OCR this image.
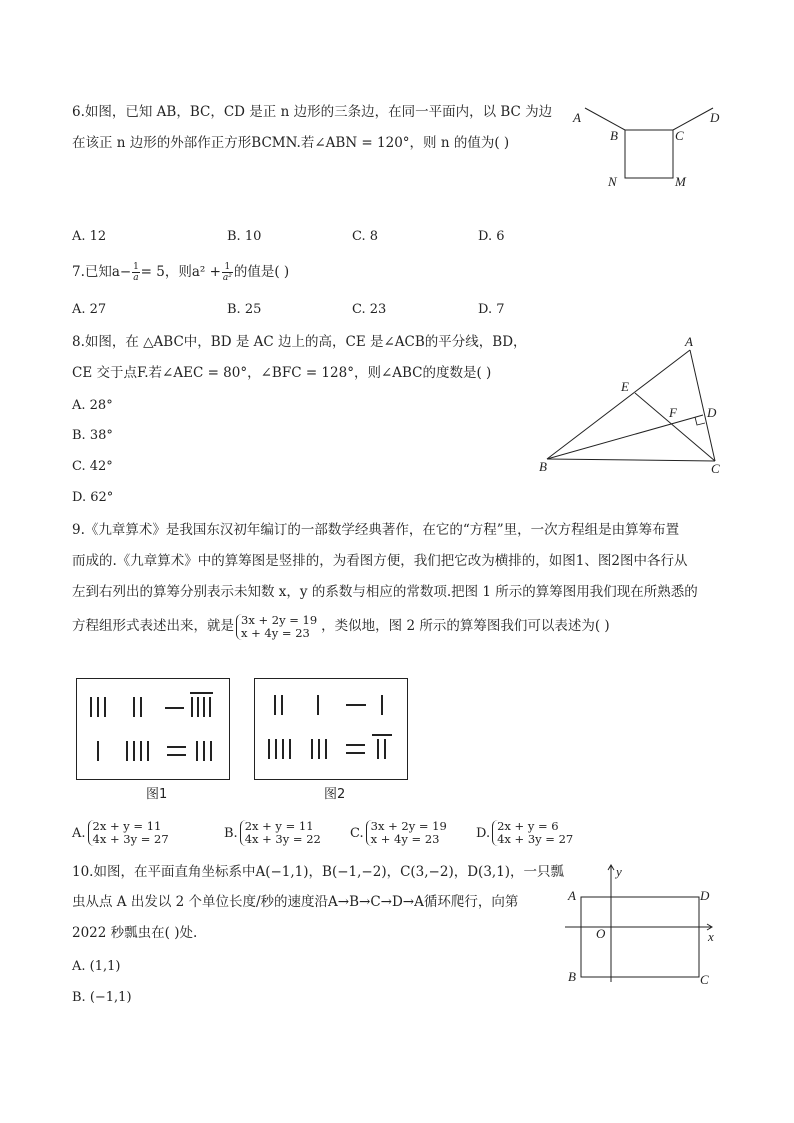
6.如图，已知 AB，BC，CD 是正 n 边形的三条边，在同一平面内，以 BC 为边
在该正 n 边形的外部作正方形BCMN.若∠ABN = 120°，则 n 的值为( )
A
B	C
D
N	M
A. 12	B. 10	C. 8	D. 6
7.已知$a- \frac{1}{a} = 5$，则$a^2 + \frac{1}{\text{a²}}$ 的值是( )
A. 27	B. 25	C. 23	D. 7
8.如图，在 △ABC中，BD 是 AC 边上的高，CE 是∠ACB的平分线，BD，
CE 交于点F.若∠AEC = 80°，∠BFC = 128°，则∠ABC的度数是( )
A. 28°
B. 38°
C. 42°
D. 62°
A
E
F D
B	C
9.《九章算术》是我国东汉初年编订的一部数学经典著作，在它的“方程”里，一次方程组是由算筹布置
而成的.《九章算术》中的算筹图是竖排的，为看图方便，我们把它改为横排的，如图1、图2图中各行从
左到右列出的算筹分别表示未知数 x，y 的系数与相应的常数项.把图 1 所示的算筹图用我们现在所熟悉的
方程组形式表述出来，就是 3x + 2y = 19
x + 4y = 23 ，类似地，图 2 所示的算筹图我们可以表述为( )
图1	图2
A. 2x + y = 11
4x + 3y = 27	B. 2x + y = 11
4x + 3y = 22 C. 3x + 2y = 19
x + 4y = 23	D. 2x + y = 6
4x + 3y = 27
10.如图，在平面直角坐标系中A(−1,1)，B(−1,−2)，C(3,−2)，D(3,1)，一只瓢
虫从点 A 出发以 2 个单位长度/秒的速度沿A→B→C→D→A循环爬行，向第
2022 秒瓢虫在( )处.
A. (1,1)
B. (−1,1)
y
A	D
O	x
B	C
